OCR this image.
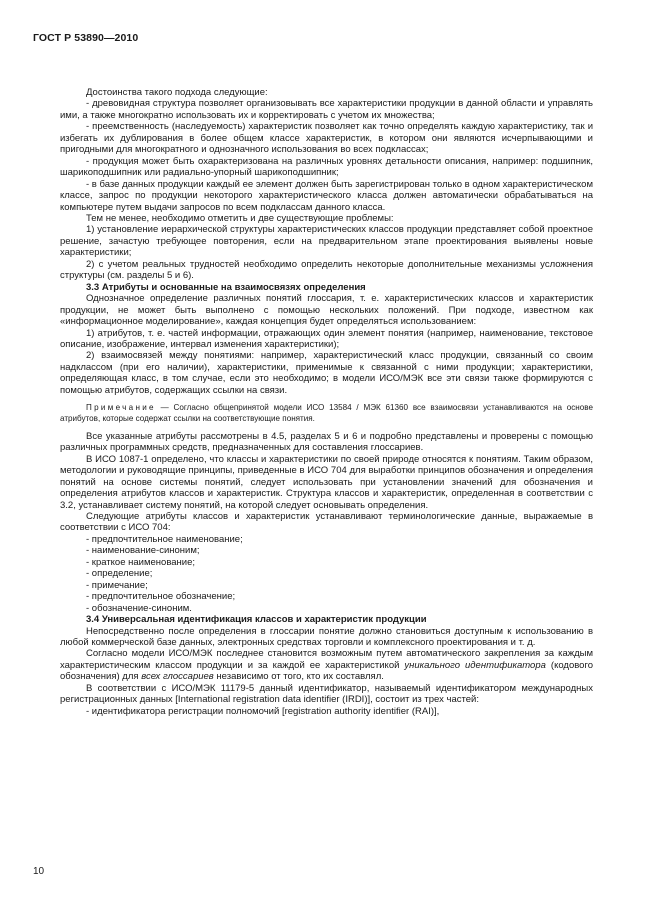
ГОСТ Р 53890—2010

Достоинства такого подхода следующие:

- древовидная структура позволяет организовывать все характеристики продукции в данной области и управлять ими, а также многократно использовать их и корректировать с учетом их множества;

- преемственность (наследуемость) характеристик позволяет как точно определять каждую характеристику, так и избегать их дублирования в более общем классе характеристик, в котором они являются исчерпывающими и пригодными для многократного и однозначного использования во всех подклассах;

- продукция может быть охарактеризована на различных уровнях детальности описания, например: подшипник, шарикоподшипник или радиально-упорный шарикоподшипник;

- в базе данных продукции каждый ее элемент должен быть зарегистрирован только в одном характеристическом классе, запрос по продукции некоторого характеристического класса должен автоматически обрабатываться на компьютере путем выдачи запросов по всем подклассам данного класса.

Тем не менее, необходимо отметить и две существующие проблемы:

1) установление иерархической структуры характеристических классов продукции представляет собой проектное решение, зачастую требующее повторения, если на предварительном этапе проектирования выявлены новые характеристики;

2) с учетом реальных трудностей необходимо определить некоторые дополнительные механизмы усложнения структуры (см. разделы 5 и 6).

3.3 Атрибуты и основанные на взаимосвязях определения

Однозначное определение различных понятий глоссария, т. е. характеристических классов и характеристик продукции, не может быть выполнено с помощью нескольких положений. При подходе, известном как «информационное моделирование», каждая концепция будет определяться использованием:

1) атрибутов, т. е. частей информации, отражающих один элемент понятия (например, наименование, текстовое описание, изображение, интервал изменения характеристики);

2) взаимосвязей между понятиями: например, характеристический класс продукции, связанный со своим надклассом (при его наличии), характеристики, применимые к связанной с ними продукции; характеристики, определяющая класс, в том случае, если это необходимо; в модели ИСО/МЭК все эти связи также формируются с помощью атрибутов, содержащих ссылки на связи.

Примечание — Согласно общепринятой модели ИСО 13584 / МЭК 61360 все взаимосвязи устанавливаются на основе атрибутов, которые содержат ссылки на соответствующие понятия.

Все указанные атрибуты рассмотрены в 4.5, разделах 5 и 6 и подробно представлены и проверены с помощью различных программных средств, предназначенных для составления глоссариев.

В ИСО 1087-1 определено, что классы и характеристики по своей природе относятся к понятиям. Таким образом, методологии и руководящие принципы, приведенные в ИСО 704 для выработки принципов обозначения и определения понятий на основе системы понятий, следует использовать при установлении значений для обозначения и определения атрибутов классов и характеристик. Структура классов и характеристик, определенная в соответствии с 3.2, устанавливает систему понятий, на которой следует основывать определения.

Следующие атрибуты классов и характеристик устанавливают терминологические данные, выражаемые в соответствии с ИСО 704:

- предпочтительное наименование;

- наименование-синоним;

- краткое наименование;

- определение;

- примечание;

- предпочтительное обозначение;

- обозначение-синоним.

3.4 Универсальная идентификация классов и характеристик продукции

Непосредственно после определения в глоссарии понятие должно становиться доступным к использованию в любой коммерческой базе данных, электронных средствах торговли и комплексного проектирования и т. д.

Согласно модели ИСО/МЭК последнее становится возможным путем автоматического закрепления за каждым характеристическим классом продукции и за каждой ее характеристикой уникального идентификатора (кодового обозначения) для всех глоссариев независимо от того, кто их составлял.

В соответствии с ИСО/МЭК 11179-5 данный идентификатор, называемый идентификатором международных регистрационных данных [International registration data identifier (IRDI)], состоит из трех частей:

- идентификатора регистрации полномочий [registration authority identifier (RAI)],

10
